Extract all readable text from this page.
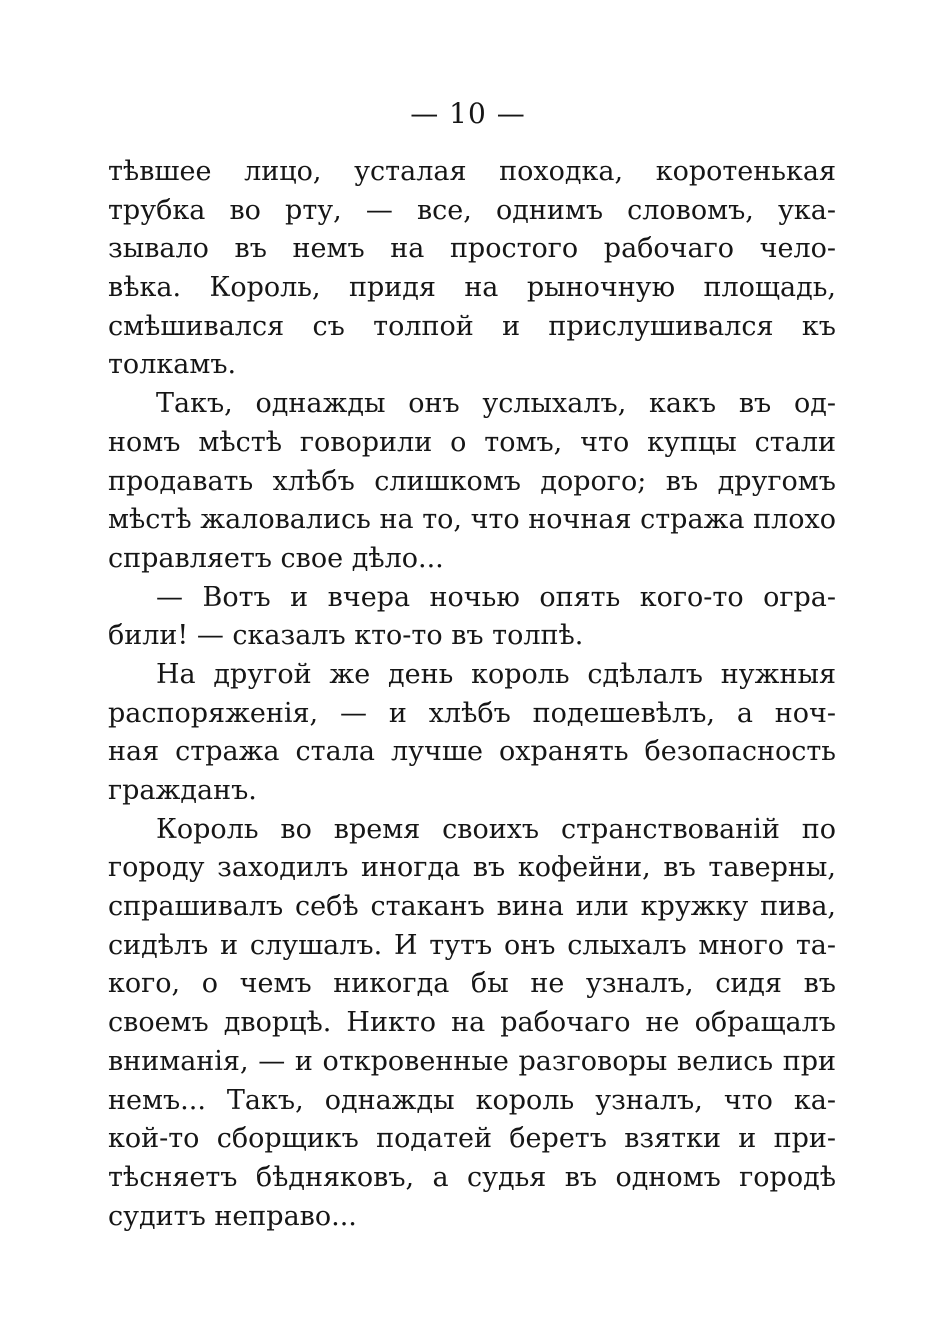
— 10 —
тѣвшее лицо, усталая походка, коротенькая
трубка во рту, — все, однимъ словомъ, ука-
зывало въ немъ на простого рабочаго чело-
вѣка. Король, придя на рыночную площадь,
смѣшивался съ толпой и прислушивался къ
толкамъ.
Такъ, однажды онъ услыхалъ, какъ въ од-
номъ мѣстѣ говорили о томъ, что купцы стали
продавать хлѣбъ слишкомъ дорого; въ другомъ
мѣстѣ жаловались на то, что ночная стража плохо
справляетъ свое дѣло...
— Вотъ и вчера ночью опять кого-то огра-
били! — сказалъ кто-то въ толпѣ.
На другой же день король сдѣлалъ нужныя
распоряженія, — и хлѣбъ подешевѣлъ, а ноч-
ная стража стала лучше охранять безопасность
гражданъ.
Король во время своихъ странствованій по
городу заходилъ иногда въ кофейни, въ таверны,
спрашивалъ себѣ стаканъ вина или кружку пива,
сидѣлъ и слушалъ. И тутъ онъ слыхалъ много та-
кого, о чемъ никогда бы не узналъ, сидя въ
своемъ дворцѣ. Никто на рабочаго не обращалъ
вниманія, — и откровенные разговоры велись при
немъ... Такъ, однажды король узналъ, что ка-
кой-то сборщикъ податей беретъ взятки и при-
тѣсняетъ бѣдняковъ, а судья въ одномъ городѣ
судитъ неправо...
